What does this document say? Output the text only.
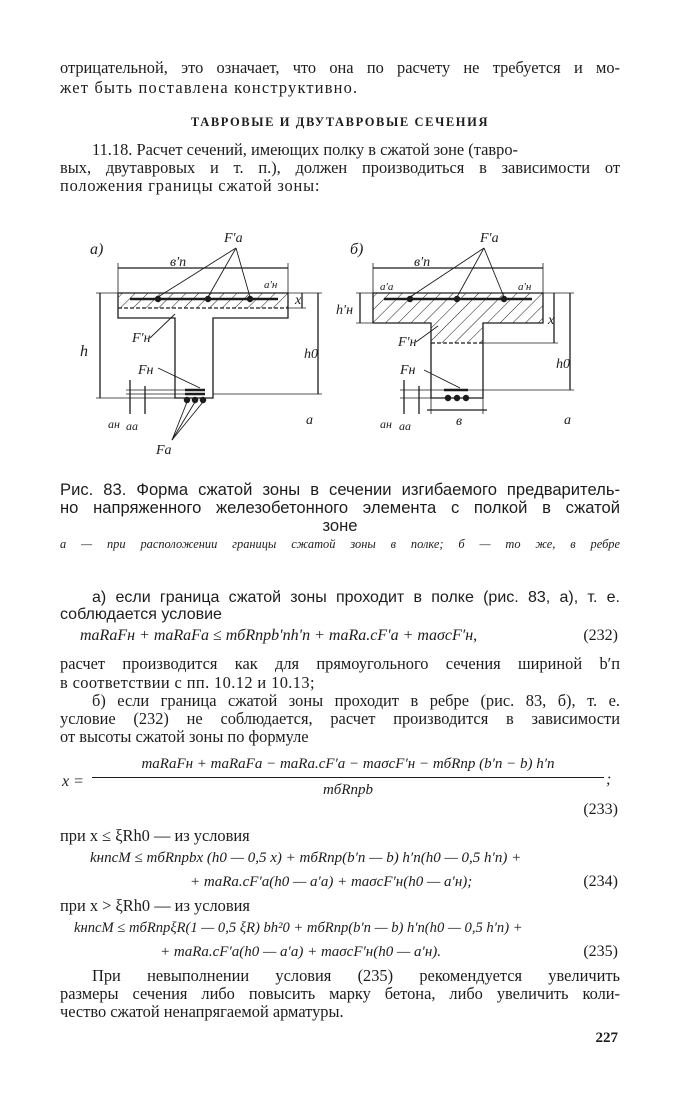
отрицательной, это означает, что она по расчету не требуется и мо-
жет быть поставлена конструктивно.
ТАВРОВЫЕ И ДВУТАВРОВЫЕ СЕЧЕНИЯ
11.18. Расчет сечений, имеющих полку в сжатой зоне (тавро-
вых, двутавровых и т. п.), должен производиться в зависимости от
положения границы сжатой зоны:
а)
в′п
F′а
а′н
x
F′н
h	h0
Fн
ан аа	а
Fа
б)
в′п
F′а
а′а	а′н
h′н
x
F′н
h0
Fн
ан аа	в	а
Рис. 83. Форма сжатой зоны в сечении изгибаемого предваритель-
но напряженного железобетонного элемента с полкой в сжатой
зоне
а — при расположении границы сжатой зоны в полке; б — то же, в ребре
а) если граница сжатой зоны проходит в полке (рис. 83, а), т. е.
соблюдается условие
mаRаFн + mаRаFа ≤ mбRпрb′пh′п + mаRа.сF′а + mаσсF′н,	(232)
расчет производится как для прямоугольного сечения шириной b′п
в соответствии с пп. 10.12 и 10.13;
б) если граница сжатой зоны проходит в ребре (рис. 83, б), т. е.
условие (232) не соблюдается, расчет производится в зависимости
от высоты сжатой зоны по формуле
x =
mаRаFн + mаRаFа − mаRа.сF′а − mаσсF′н − mбRпр (b′п − b) h′п
mбRпрb
;
(233)
при x ≤ ξRh0 — из условия
kнncM ≤ mбRпрbx (h0 — 0,5 x) + mбRпр(b′п — b) h′п(h0 — 0,5 h′п) +
+ mаRа.сF′а(h0 — a′а) + mаσсF′н(h0 — a′н);	(234)
при x > ξRh0 — из условия
kнncM ≤ mбRпрξR(1 — 0,5 ξR) bh²0 + mбRпр(b′п — b) h′п(h0 — 0,5 h′п) +
+ mаRа.сF′а(h0 — a′а) + mаσсF′н(h0 — a′н).	(235)
При невыполнении условия (235) рекомендуется увеличить
размеры сечения либо повысить марку бетона, либо увеличить коли-
чество сжатой ненапрягаемой арматуры.
227
